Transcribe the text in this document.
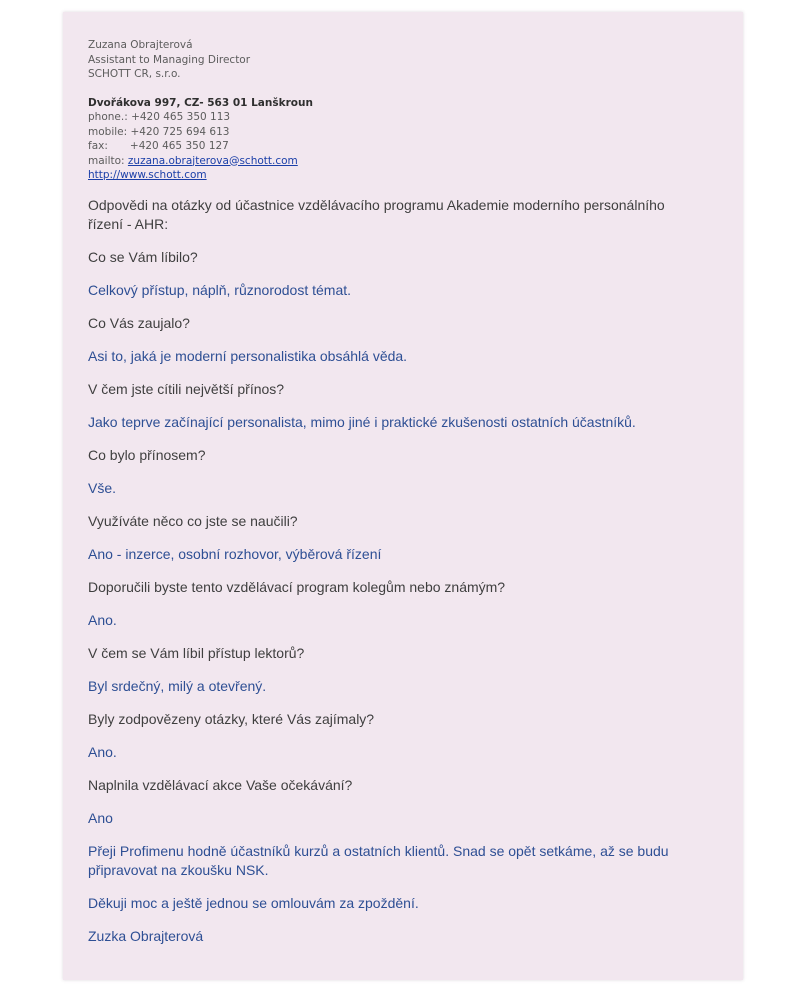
Zuzana Obrajterová
Assistant to Managing Director
SCHOTT CR, s.r.o.
Dvořákova 997, CZ- 563 01 Lanškroun
phone.: +420 465 350 113
mobile: +420 725 694 613
fax: +420 465 350 127
mailto: zuzana.obrajterova@schott.com
http://www.schott.com

Odpovědi na otázky od účastnice vzdělávacího programu Akademie moderního personálního řízení - AHR:

Co se Vám líbilo?

Celkový přístup, náplň, různorodost témat.

Co Vás zaujalo?

Asi to, jaká je moderní personalistika obsáhlá věda.

V čem jste cítili největší přínos?

Jako teprve začínající personalista, mimo jiné i praktické zkušenosti ostatních účastníků.

Co bylo přínosem?

Vše.

Využíváte něco co jste se naučili?

Ano - inzerce, osobní rozhovor, výběrová řízení

Doporučili byste tento vzdělávací program kolegům nebo známým?

Ano.

V čem se Vám líbil přístup lektorů?

Byl srdečný, milý a otevřený.

Byly zodpovězeny otázky, které Vás zajímaly?

Ano.

Naplnila vzdělávací akce Vaše očekávání?

Ano

Přeji Profimenu hodně účastníků kurzů a ostatních klientů. Snad se opět setkáme, až se budu připravovat na zkoušku NSK.

Děkuji moc a ještě jednou se omlouvám za zpoždění.

Zuzka Obrajterová
